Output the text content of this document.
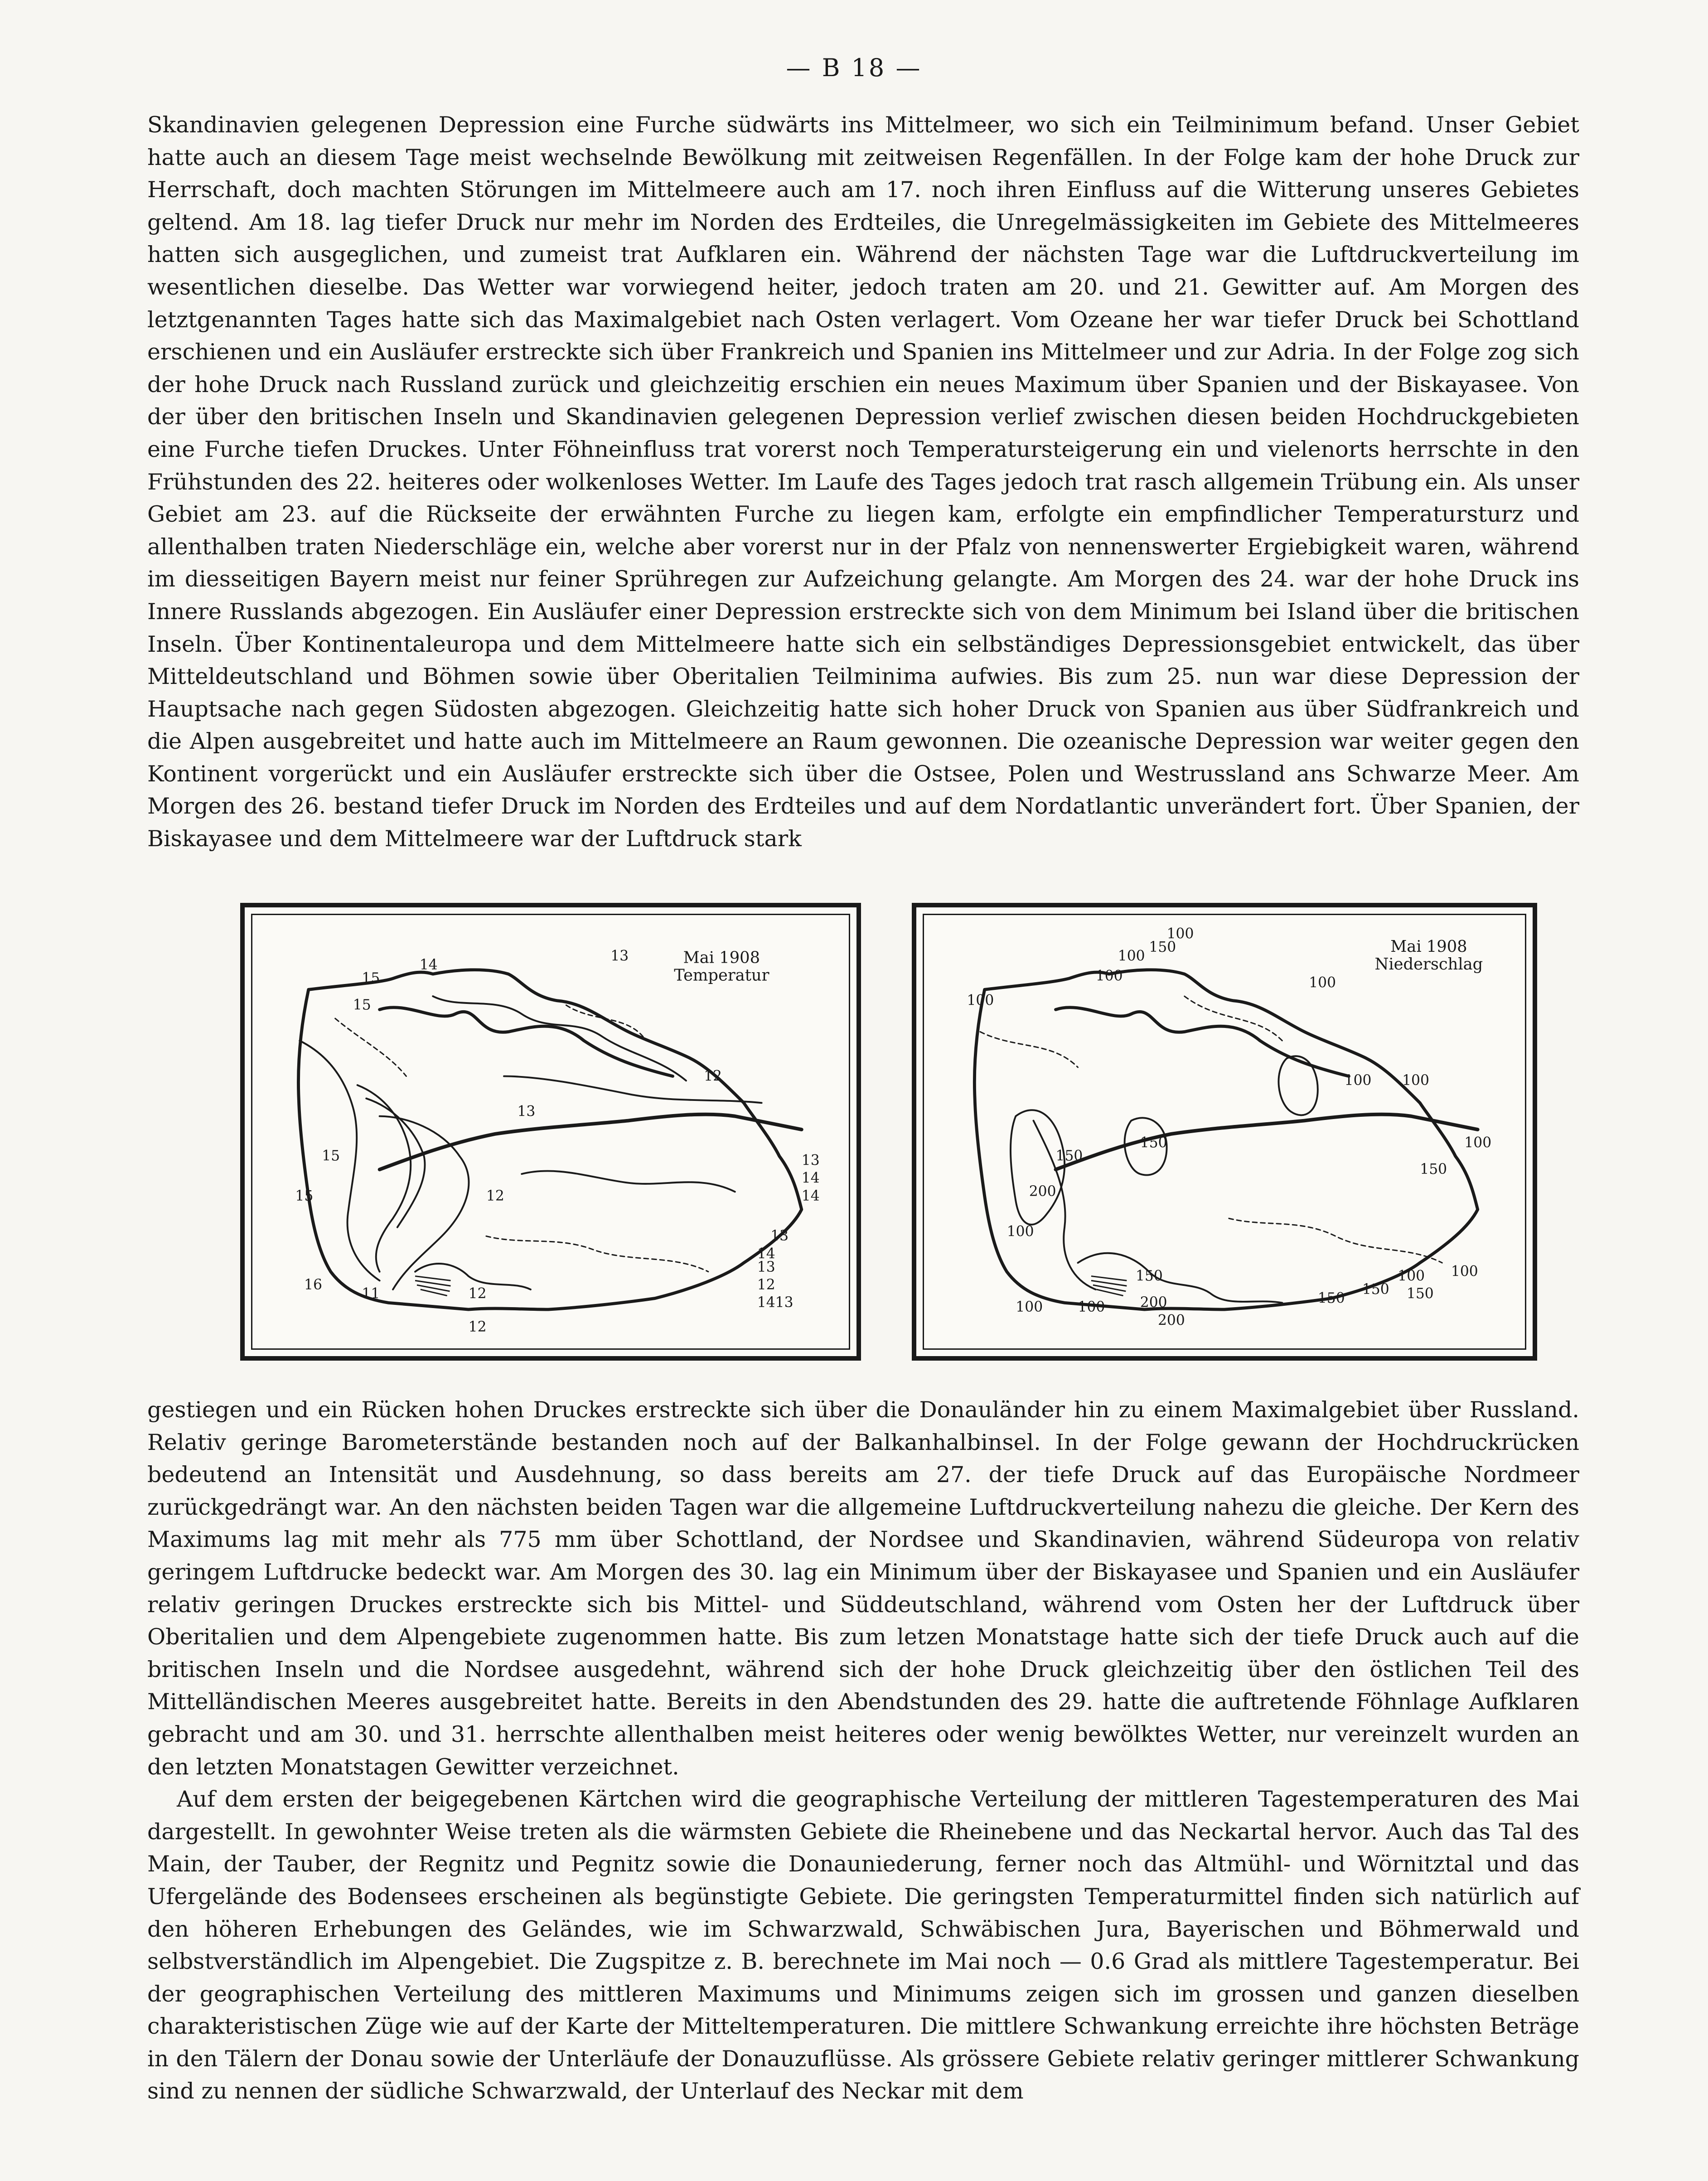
— B 18 —

Skandinavien gelegenen Depression eine Furche südwärts ins Mittelmeer, wo sich ein Teilminimum befand. Unser Gebiet hatte auch an diesem Tage meist wechselnde Bewölkung mit zeitweisen Regenfällen. In der Folge kam der hohe Druck zur Herrschaft, doch machten Störungen im Mittelmeere auch am 17. noch ihren Einfluss auf die Witterung unseres Gebietes geltend. Am 18. lag tiefer Druck nur mehr im Norden des Erdteiles, die Unregelmässigkeiten im Gebiete des Mittelmeeres hatten sich ausgeglichen, und zumeist trat Aufklaren ein. Während der nächsten Tage war die Luftdruckverteilung im wesentlichen dieselbe. Das Wetter war vorwiegend heiter, jedoch traten am 20. und 21. Gewitter auf. Am Morgen des letztgenannten Tages hatte sich das Maximalgebiet nach Osten verlagert. Vom Ozeane her war tiefer Druck bei Schottland erschienen und ein Ausläufer erstreckte sich über Frankreich und Spanien ins Mittelmeer und zur Adria. In der Folge zog sich der hohe Druck nach Russland zurück und gleichzeitig erschien ein neues Maximum über Spanien und der Biskayasee. Von der über den britischen Inseln und Skandinavien gelegenen Depression verlief zwischen diesen beiden Hochdruckgebieten eine Furche tiefen Druckes. Unter Föhneinfluss trat vorerst noch Temperatursteigerung ein und vielenorts herrschte in den Frühstunden des 22. heiteres oder wolkenloses Wetter. Im Laufe des Tages jedoch trat rasch allgemein Trübung ein. Als unser Gebiet am 23. auf die Rückseite der erwähnten Furche zu liegen kam, erfolgte ein empfindlicher Temperatursturz und allenthalben traten Niederschläge ein, welche aber vorerst nur in der Pfalz von nennenswerter Ergiebigkeit waren, während im diesseitigen Bayern meist nur feiner Sprühregen zur Aufzeichung gelangte. Am Morgen des 24. war der hohe Druck ins Innere Russlands abgezogen. Ein Ausläufer einer Depression erstreckte sich von dem Minimum bei Island über die britischen Inseln. Über Kontinentaleuropa und dem Mittelmeere hatte sich ein selbständiges Depressionsgebiet entwickelt, das über Mitteldeutschland und Böhmen sowie über Oberitalien Teilminima aufwies. Bis zum 25. nun war diese Depression der Hauptsache nach gegen Südosten abgezogen. Gleichzeitig hatte sich hoher Druck von Spanien aus über Südfrankreich und die Alpen ausgebreitet und hatte auch im Mittelmeere an Raum gewonnen. Die ozeanische Depression war weiter gegen den Kontinent vorgerückt und ein Ausläufer erstreckte sich über die Ostsee, Polen und Westrussland ans Schwarze Meer. Am Morgen des 26. bestand tiefer Druck im Norden des Erdteiles und auf dem Nordatlantic unverändert fort. Über Spanien, der Biskayasee und dem Mittelmeere war der Luftdruck stark

Mai 1908
Temperatur
13
14
15
15
15
15
12
13
12
16
11	12
13
14
14
13
12
1413
12
13
14
Mai 1908
Niederschlag
100
150
100
100
100
100
100 100
100
150
150
200
100
100
150
200
200
100 100
150
150 150
100
150

gestiegen und ein Rücken hohen Druckes erstreckte sich über die Donauländer hin zu einem Maximalgebiet über Russland. Relativ geringe Barometerstände bestanden noch auf der Balkanhalbinsel. In der Folge gewann der Hochdruckrücken bedeutend an Intensität und Ausdehnung, so dass bereits am 27. der tiefe Druck auf das Europäische Nordmeer zurückgedrängt war. An den nächsten beiden Tagen war die allgemeine Luftdruckverteilung nahezu die gleiche. Der Kern des Maximums lag mit mehr als 775 mm über Schottland, der Nordsee und Skandinavien, während Südeuropa von relativ geringem Luftdrucke bedeckt war. Am Morgen des 30. lag ein Minimum über der Biskayasee und Spanien und ein Ausläufer relativ geringen Druckes erstreckte sich bis Mittel- und Süddeutschland, während vom Osten her der Luftdruck über Oberitalien und dem Alpengebiete zugenommen hatte. Bis zum letzen Monatstage hatte sich der tiefe Druck auch auf die britischen Inseln und die Nordsee ausgedehnt, während sich der hohe Druck gleichzeitig über den östlichen Teil des Mittelländischen Meeres ausgebreitet hatte. Bereits in den Abendstunden des 29. hatte die auftretende Föhnlage Aufklaren gebracht und am 30. und 31. herrschte allenthalben meist heiteres oder wenig bewölktes Wetter, nur vereinzelt wurden an den letzten Monatstagen Gewitter verzeichnet.

Auf dem ersten der beigegebenen Kärtchen wird die geographische Verteilung der mittleren Tagestemperaturen des Mai dargestellt. In gewohnter Weise treten als die wärmsten Gebiete die Rheinebene und das Neckartal hervor. Auch das Tal des Main, der Tauber, der Regnitz und Pegnitz sowie die Donauniederung, ferner noch das Altmühl- und Wörnitztal und das Ufergelände des Bodensees erscheinen als begünstigte Gebiete. Die geringsten Temperaturmittel finden sich natürlich auf den höheren Erhebungen des Geländes, wie im Schwarzwald, Schwäbischen Jura, Bayerischen und Böhmerwald und selbstverständlich im Alpengebiet. Die Zugspitze z. B. berechnete im Mai noch — 0.6 Grad als mittlere Tagestemperatur. Bei der geographischen Verteilung des mittleren Maximums und Minimums zeigen sich im grossen und ganzen dieselben charakteristischen Züge wie auf der Karte der Mitteltemperaturen. Die mittlere Schwankung erreichte ihre höchsten Beträge in den Tälern der Donau sowie der Unterläufe der Donauzuflüsse. Als grössere Gebiete relativ geringer mittlerer Schwankung sind zu nennen der südliche Schwarzwald, der Unterlauf des Neckar mit dem
